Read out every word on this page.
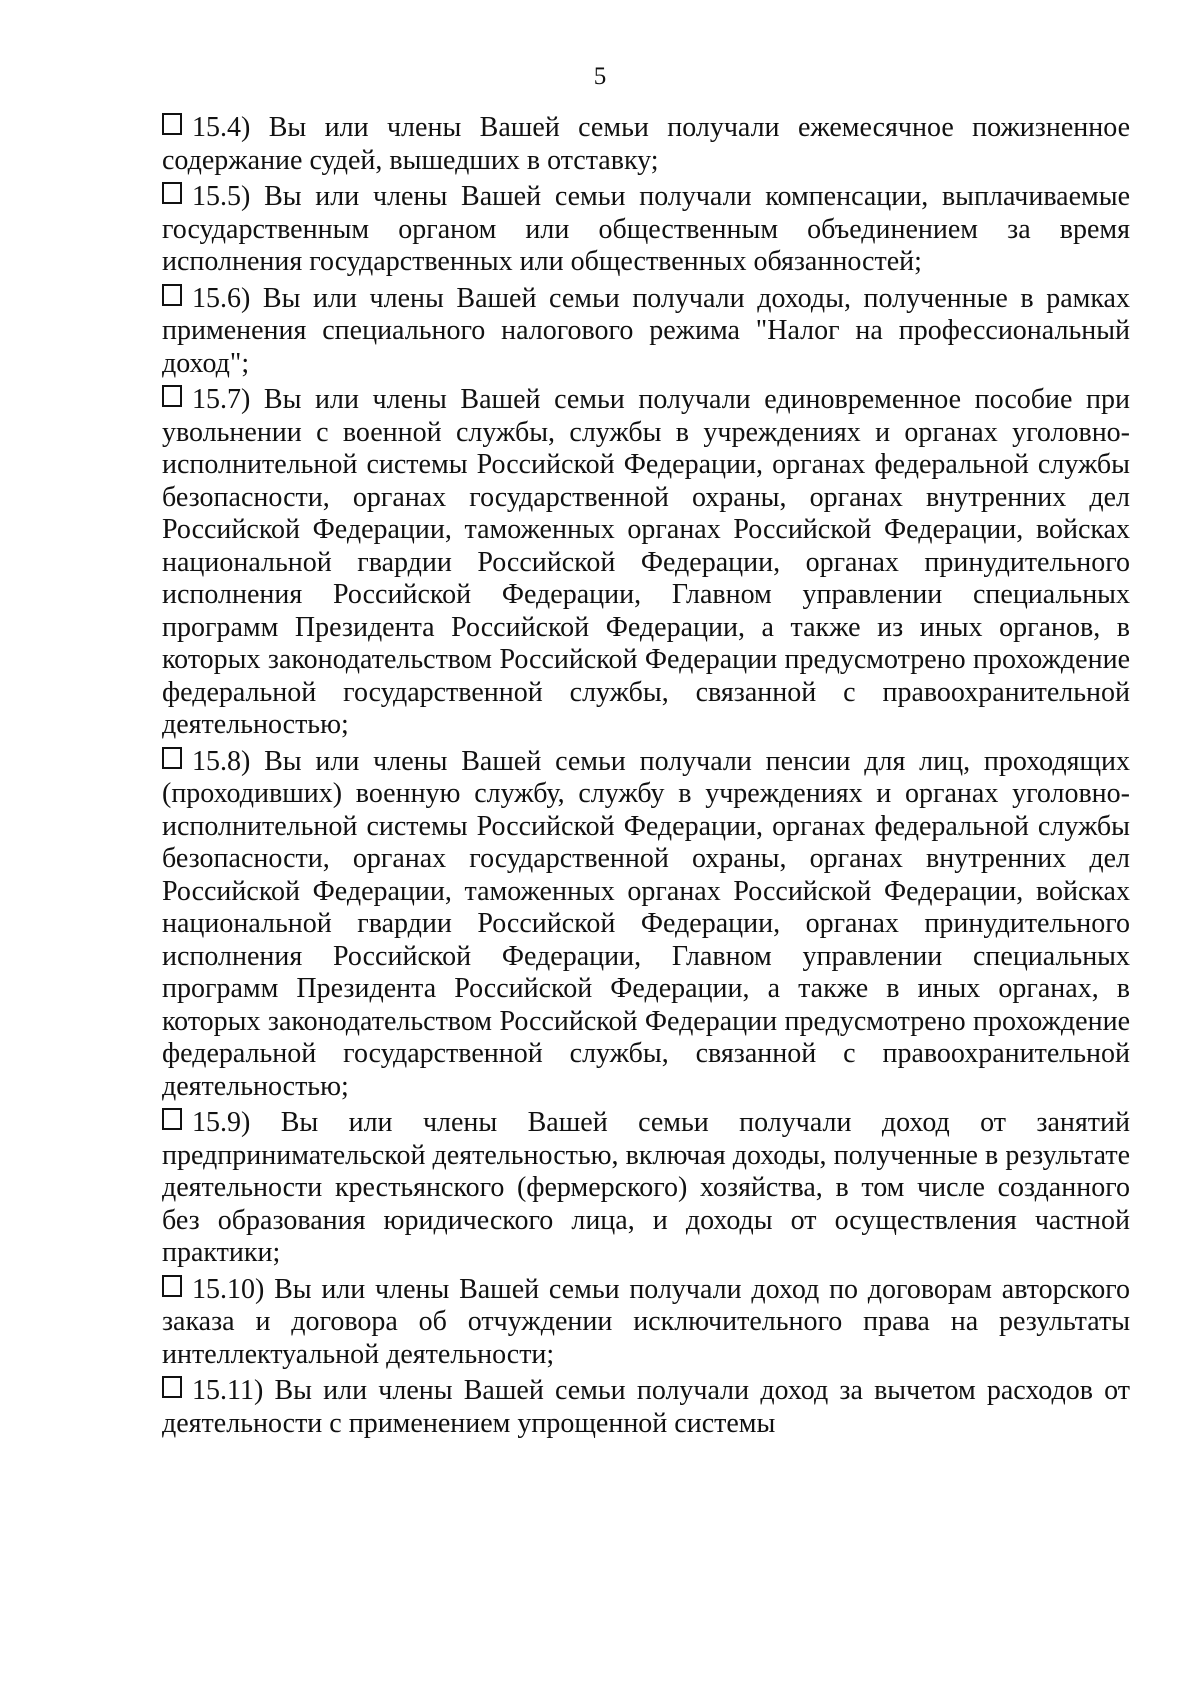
5

15.4) Вы или члены Вашей семьи получали ежемесячное пожизненное содержание судей, вышедших в отставку;

15.5) Вы или члены Вашей семьи получали компенсации, выплачиваемые государственным органом или общественным объединением за время исполнения государственных или общественных обязанностей;

15.6) Вы или члены Вашей семьи получали доходы, полученные в рамках применения специального налогового режима "Налог на профессиональный доход";

15.7) Вы или члены Вашей семьи получали единовременное пособие при увольнении с военной службы, службы в учреждениях и органах уголовно-исполнительной системы Российской Федерации, органах федеральной службы безопасности, органах государственной охраны, органах внутренних дел Российской Федерации, таможенных органах Российской Федерации, войсках национальной гвардии Российской Федерации, органах принудительного исполнения Российской Федерации, Главном управлении специальных программ Президента Российской Федерации, а также из иных органов, в которых законодательством Российской Федерации предусмотрено прохождение федеральной государственной службы, связанной с правоохранительной деятельностью;

15.8) Вы или члены Вашей семьи получали пенсии для лиц, проходящих (проходивших) военную службу, службу в учреждениях и органах уголовно-исполнительной системы Российской Федерации, органах федеральной службы безопасности, органах государственной охраны, органах внутренних дел Российской Федерации, таможенных органах Российской Федерации, войсках национальной гвардии Российской Федерации, органах принудительного исполнения Российской Федерации, Главном управлении специальных программ Президента Российской Федерации, а также в иных органах, в которых законодательством Российской Федерации предусмотрено прохождение федеральной государственной службы, связанной с правоохранительной деятельностью;

15.9) Вы или члены Вашей семьи получали доход от занятий предпринимательской деятельностью, включая доходы, полученные в результате деятельности крестьянского (фермерского) хозяйства, в том числе созданного без образования юридического лица, и доходы от осуществления частной практики;

15.10) Вы или члены Вашей семьи получали доход по договорам авторского заказа и договора об отчуждении исключительного права на результаты интеллектуальной деятельности;

15.11) Вы или члены Вашей семьи получали доход за вычетом расходов от деятельности с применением упрощенной системы
